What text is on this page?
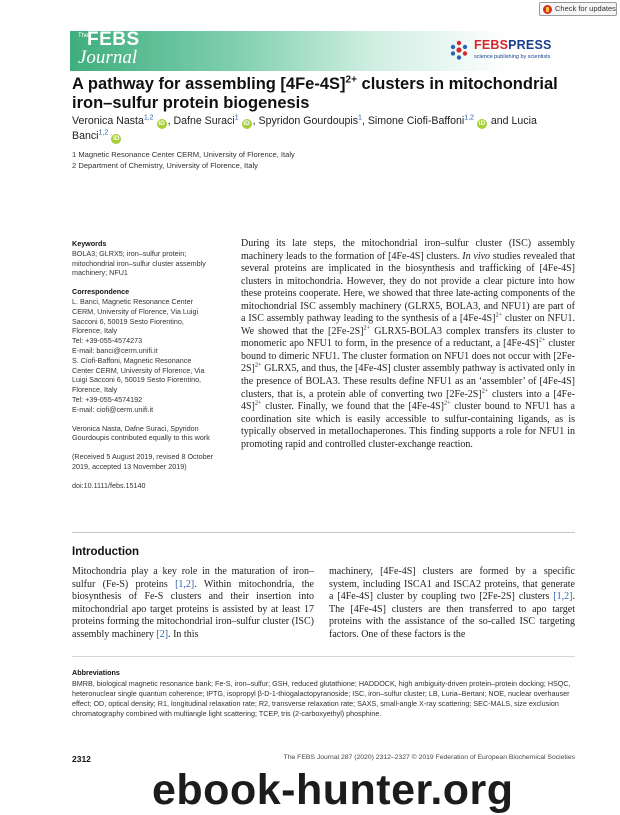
Check for updates
The
FEBS
Journal
FEBSPRESS
science publishing by scientists
A pathway for assembling $[4Fe-4S]^{2+}$ clusters in mitochondrial iron–sulfur protein biogenesis
Veronica Nasta$^{1,2}$iD , Dafne Suraci$^1$iD , Spyridon Gourdoupis$^1$, Simone Ciofi-Baffoni$^{1,2}$iD and Lucia Banci$^{1,2}$iD
1 Magnetic Resonance Center CERM, University of Florence, Italy
2 Department of Chemistry, University of Florence, Italy
Keywords
BOLA3; GLRX5; iron–sulfur protein;
mitochondrial iron–sulfur cluster assembly
machinery; NFU1
Correspondence
L. Banci, Magnetic Resonance Center
CERM, University of Florence, Via Luigi
Sacconi 6, 50019 Sesto Fiorentino,
Florence, Italy
Tel: +39-055-4574273
E-mail: banci@cerm.unifi.it
S. Ciofi-Baffoni, Magnetic Resonance
Center CERM, University of Florence, Via
Luigi Sacconi 6, 50019 Sesto Fiorentino,
Florence, Italy
Tel: +39-055-4574192
E-mail: ciofi@cerm.unifi.it
Veronica Nasta, Dafne Suraci, Spyridon
Gourdoupis contributed equally to this work
(Received 5 August 2019, revised 8 October
2019, accepted 13 November 2019)
doi:10.1111/febs.15140
During its late steps, the mitochondrial iron–sulfur cluster (ISC) assembly machinery leads to the formation of [4Fe-4S] clusters. In vivo studies revealed that several proteins are implicated in the biosynthesis and trafficking of [4Fe-4S] clusters in mitochondria. However, they do not provide a clear picture into how these proteins cooperate. Here, we showed that three late-acting components of the mitochondrial ISC assembly machinery (GLRX5, BOLA3, and NFU1) are part of a ISC assembly pathway leading to the synthesis of a $[4Fe-4S]^{2+}$ cluster on NFU1. We showed that the $[2Fe-2S]^{2+}$ GLRX5-BOLA3 complex transfers its cluster to monomeric apo NFU1 to form, in the presence of a reductant, a $[4Fe-4S]^{2+}$ cluster bound to dimeric NFU1. The cluster formation on NFU1 does not occur with $[2Fe-2S]^{2+}$ GLRX5, and thus, the [4Fe-4S] cluster assembly pathway is activated only in the presence of BOLA3. These results define NFU1 as an ‘assembler’ of [4Fe-4S] clusters, that is, a protein able of converting two $[2Fe-2S]^{2+}$ clusters into a $[4Fe-4S]^{2+}$ cluster. Finally, we found that the $[4Fe-4S]^{2+}$ cluster bound to NFU1 has a coordination site which is easily accessible to sulfur-containing ligands, as is typically observed in metallochaperones. This finding supports a role for NFU1 in promoting rapid and controlled cluster-exchange reaction.
Introduction
Mitochondria play a key role in the maturation of iron–sulfur (Fe-S) proteins [1,2]. Within mitochondria, the biosynthesis of Fe-S clusters and their insertion into mitochondrial apo target proteins is assisted by at least 17 proteins forming the mitochondrial iron–sulfur cluster (ISC) assembly machinery [2]. In this
machinery, [4Fe-4S] clusters are formed by a specific system, including ISCA1 and ISCA2 proteins, that generate a [4Fe-4S] cluster by coupling two [2Fe-2S] clusters [1,2]. The [4Fe-4S] clusters are then transferred to apo target proteins with the assistance of the so-called ISC targeting factors. One of these factors is the
Abbreviations
BMRB, biological magnetic resonance bank; Fe-S, iron–sulfur; GSH, reduced glutathione; HADDOCK, high ambiguity-driven protein–protein docking; HSQC, heteronuclear single quantum coherence; IPTG, isopropyl β-D-1-thiogalactopyranoside; ISC, iron–sulfur cluster; LB, Luria–Bertani; NOE, nuclear overhauser effect; OD, optical density; R1, longitudinal relaxation rate; R2, transverse relaxation rate; SAXS, small-angle X-ray scattering; SEC-MALS, size exclusion chromatography combined with multiangle light scattering; TCEP, tris (2-carboxyethyl) phosphine.
2312	The FEBS Journal 287 (2020) 2312–2327 © 2019 Federation of European Biochemical Societies
ebook-hunter.org
